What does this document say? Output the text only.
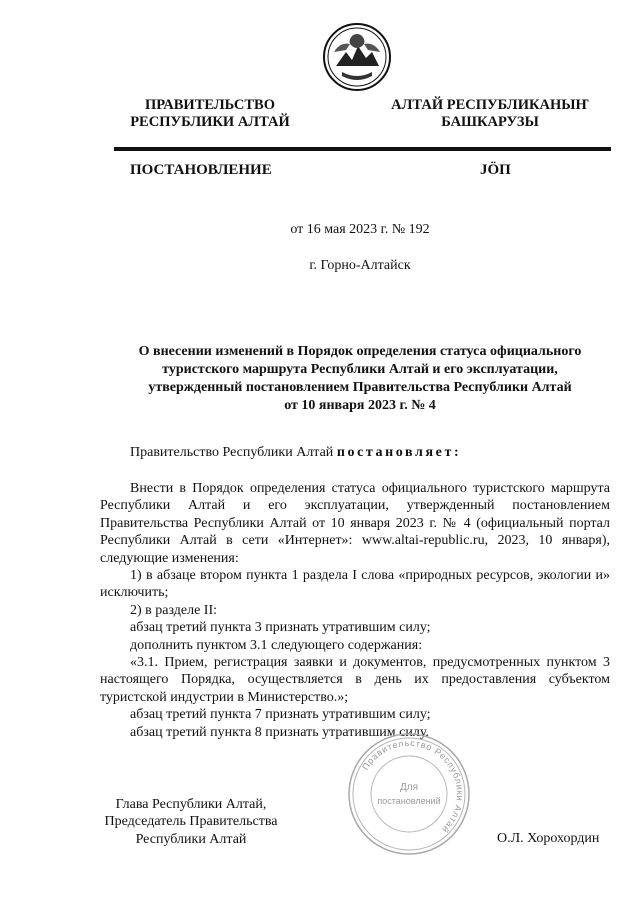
ПРАВИТЕЛЬСТВО
РЕСПУБЛИКИ АЛТАЙ
АЛТАЙ РЕСПУБЛИКАНЫҤ
БАШКАРУЗЫ
ПОСТАНОВЛЕНИЕ	JÖП
от 16 мая 2023 г. № 192
г. Горно-Алтайск
О внесении изменений в Порядок определения статуса официального
туристского маршрута Республики Алтай и его эксплуатации,
утвержденный постановлением Правительства Республики Алтай
от 10 января 2023 г. № 4

Правительство Республики Алтай постановляет:

Внести в Порядок определения статуса официального туристского маршрута Республики Алтай и его эксплуатации, утвержденный постановлением Правительства Республики Алтай от 10 января 2023 г. № 4 (официальный портал Республики Алтай в сети «Интернет»: www.altai-republic.ru, 2023, 10 января), следующие изменения:

1) в абзаце втором пункта 1 раздела I слова «природных ресурсов, экологии и» исключить;

2) в разделе II:

абзац третий пункта 3 признать утратившим силу;

дополнить пунктом 3.1 следующего содержания:

«3.1. Прием, регистрация заявки и документов, предусмотренных пунктом 3 настоящего Порядка, осуществляется в день их предоставления субъектом туристской индустрии в Министерство.»;

абзац третий пункта 7 признать утратившим силу;

абзац третий пункта 8 признать утратившим силу.

Правительство Республики Алтай
Для
постановлений
Глава Республики Алтай,
Председатель Правительства
Республики Алтай	О.Л. Хорохордин
